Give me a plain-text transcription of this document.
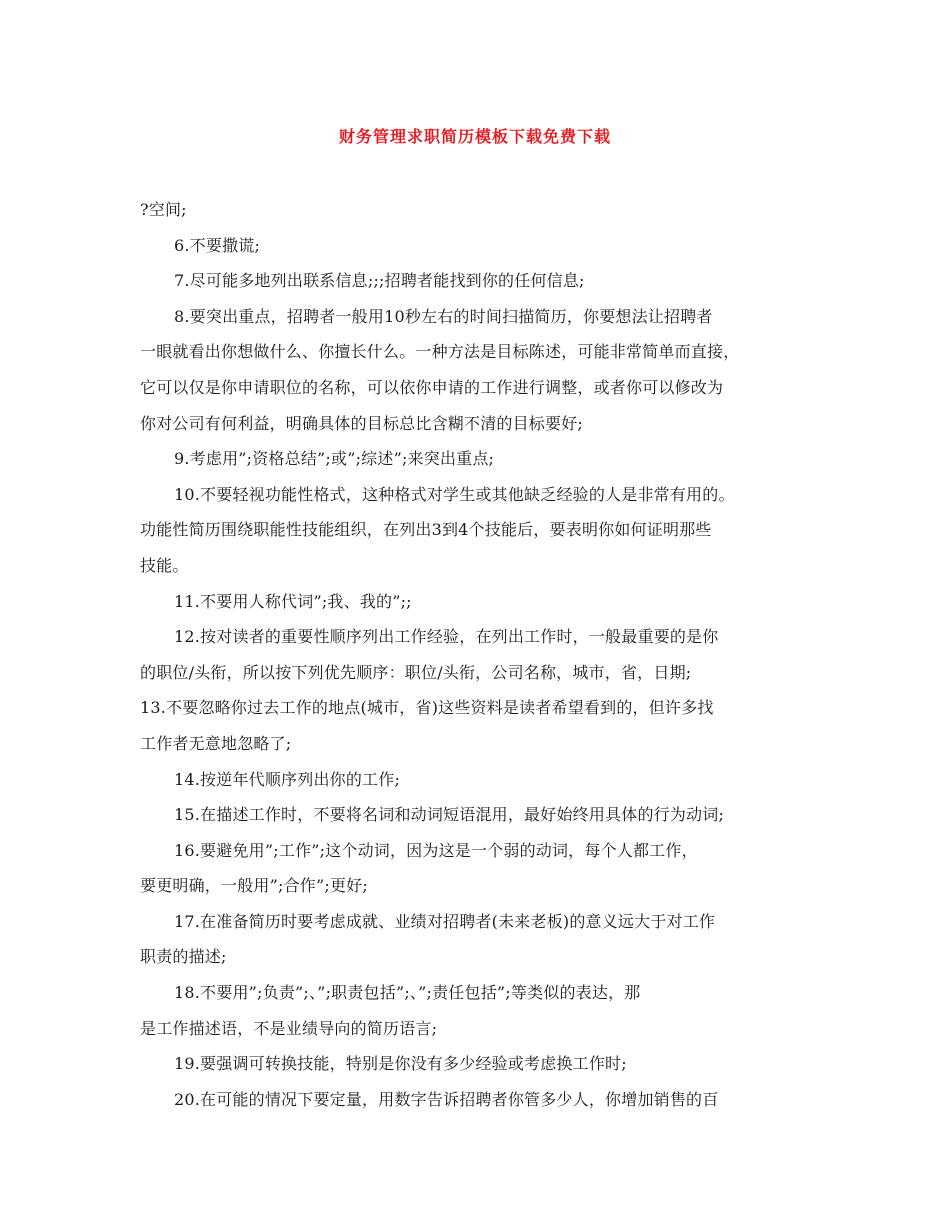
财务管理求职简历模板下载免费下载
?空间;
6.不要撒谎;
7.尽可能多地列出联系信息;;;招聘者能找到你的任何信息;
8.要突出重点，招聘者一般用10秒左右的时间扫描简历，你要想法让招聘者
一眼就看出你想做什么、你擅长什么。一种方法是目标陈述，可能非常简单而直接，
它可以仅是你申请职位的名称，可以依你申请的工作进行调整，或者你可以修改为
你对公司有何利益，明确具体的目标总比含糊不清的目标要好;
9.考虑用”;资格总结”;或”;综述”;来突出重点;
10.不要轻视功能性格式，这种格式对学生或其他缺乏经验的人是非常有用的。
功能性简历围绕职能性技能组织，在列出3到4个技能后，要表明你如何证明那些
技能。
11.不要用人称代词”;我、我的”;;
12.按对读者的重要性顺序列出工作经验，在列出工作时，一般最重要的是你
的职位/头衔，所以按下列优先顺序：职位/头衔，公司名称，城市，省，日期;
13.不要忽略你过去工作的地点(城市，省)这些资料是读者希望看到的，但许多找
工作者无意地忽略了;
14.按逆年代顺序列出你的工作;
15.在描述工作时，不要将名词和动词短语混用，最好始终用具体的行为动词;
16.要避免用”;工作”;这个动词，因为这是一个弱的动词，每个人都工作，
要更明确，一般用”;合作”;更好;
17.在准备简历时要考虑成就、业绩对招聘者(未来老板)的意义远大于对工作
职责的描述;
18.不要用”;负责”;、”;职责包括”;、”;责任包括”;等类似的表达，那
是工作描述语，不是业绩导向的简历语言;
19.要强调可转换技能，特别是你没有多少经验或考虑换工作时;
20.在可能的情况下要定量，用数字告诉招聘者你管多少人，你增加销售的百
